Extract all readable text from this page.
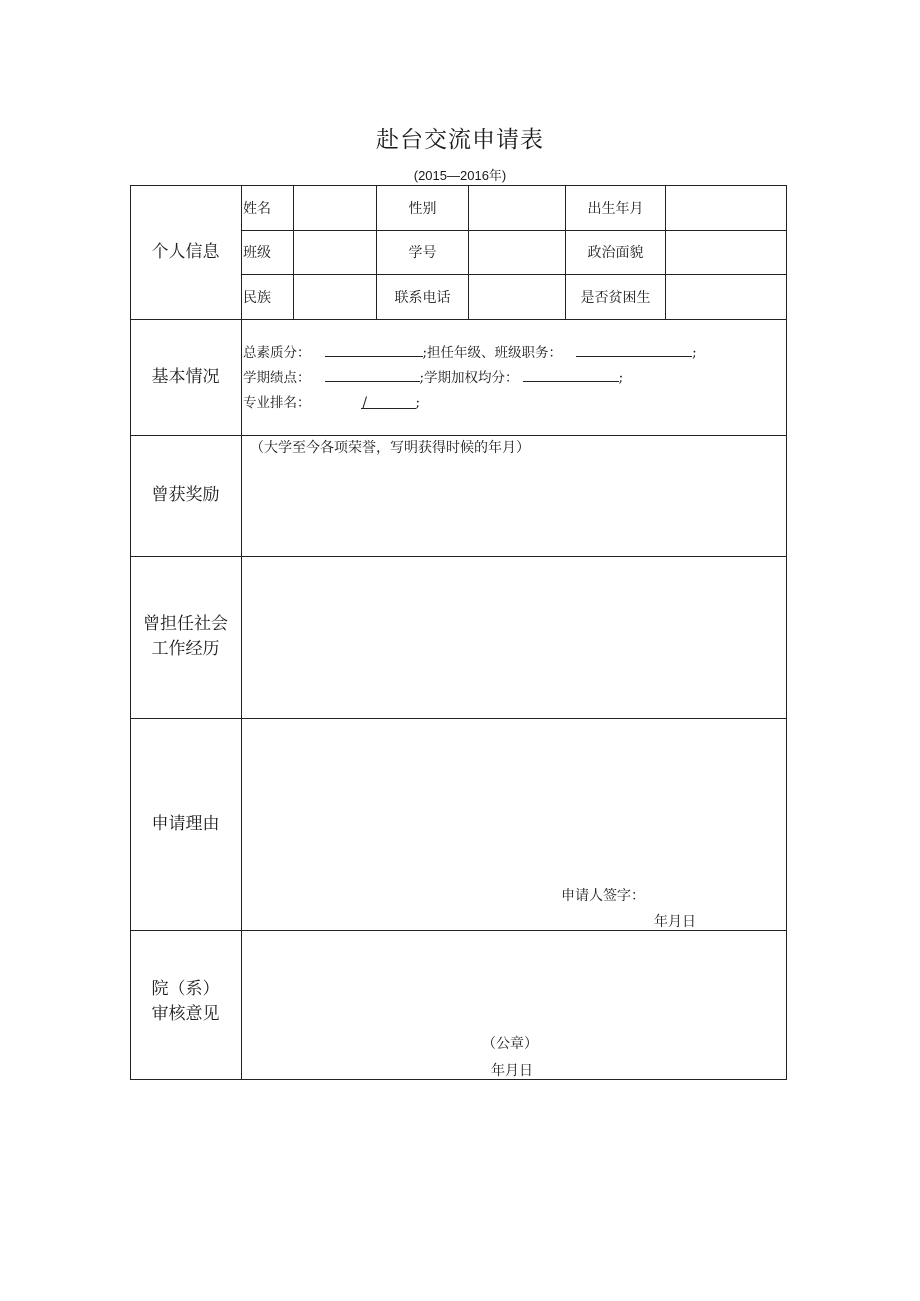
赴台交流申请表
(2015—2016年)
个人信息
姓名	性别	出生年月
班级	学号	政治面貌
民族	联系电话	是否贫困生
基本情况
总素质分：	;担任年级、班级职务：	;
学期绩点：	;学期加权均分：	;
专业排名：	/	;
曾获奖励
（大学至今各项荣誉，写明获得时候的年月）
曾担任社会
工作经历
申请理由
申请人签字：
年月日
院（系）
审核意见
（公章）
年月日
